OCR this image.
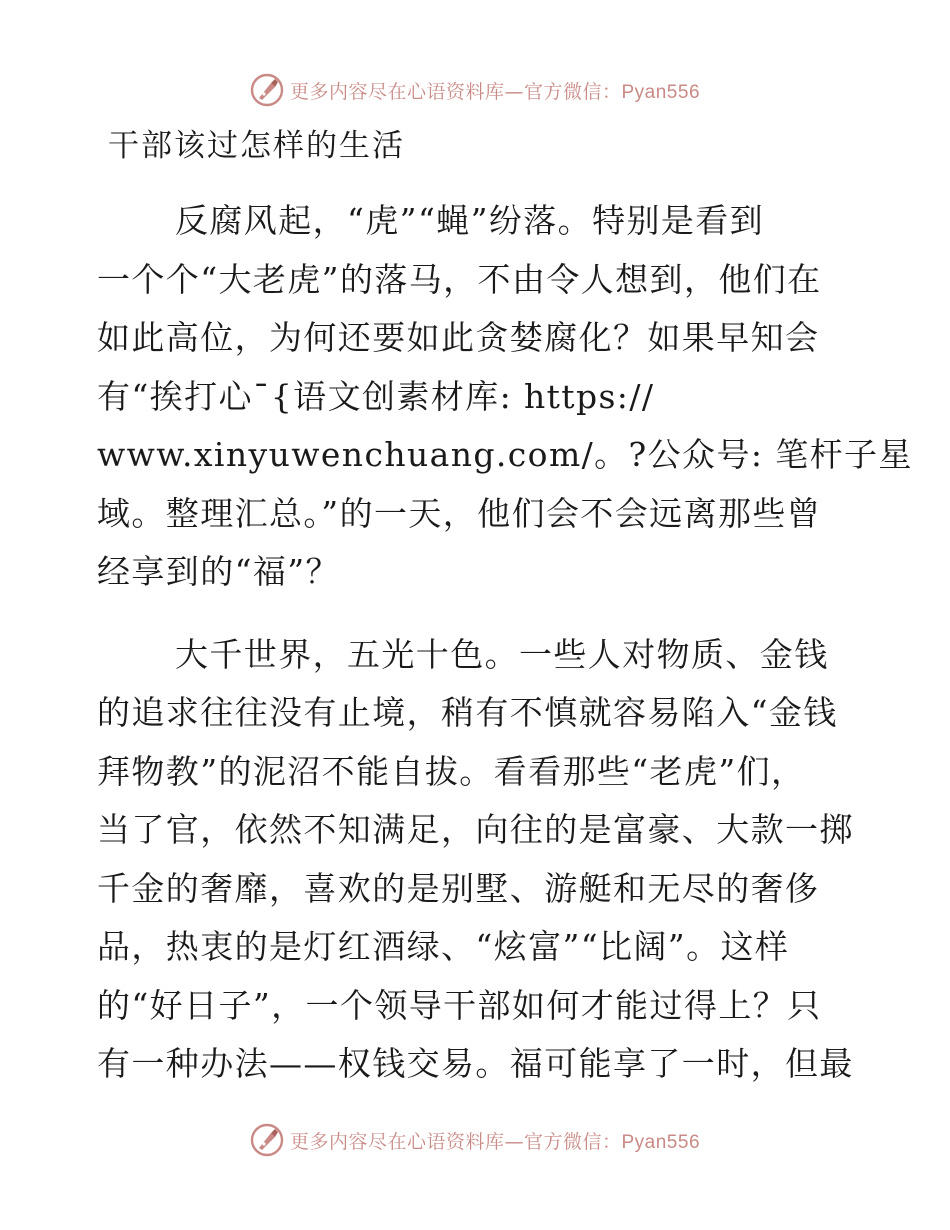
更多内容尽在心语资料库—官方微信：Pyan556
干部该过怎样的生活

反腐风起，“虎”“蝇”纷落。特别是看到
一个个“大老虎”的落马，不由令人想到，他们在
如此高位，为何还要如此贪婪腐化？如果早知会
有“挨打心¯{语文创素材库: https://
www.xinyuwenchuang.com/。?公众号: 笔杆子星
域。整理汇总。”的一天，他们会不会远离那些曾
经享到的“福”？

大千世界，五光十色。一些人对物质、金钱
的追求往往没有止境，稍有不慎就容易陷入“金钱
拜物教”的泥沼不能自拔。看看那些“老虎”们，
当了官，依然不知满足，向往的是富豪、大款一掷
千金的奢靡，喜欢的是别墅、游艇和无尽的奢侈
品，热衷的是灯红酒绿、“炫富”“比阔”。这样
的“好日子”，一个领导干部如何才能过得上？只
有一种办法——权钱交易。福可能享了一时，但最

更多内容尽在心语资料库—官方微信：Pyan556
